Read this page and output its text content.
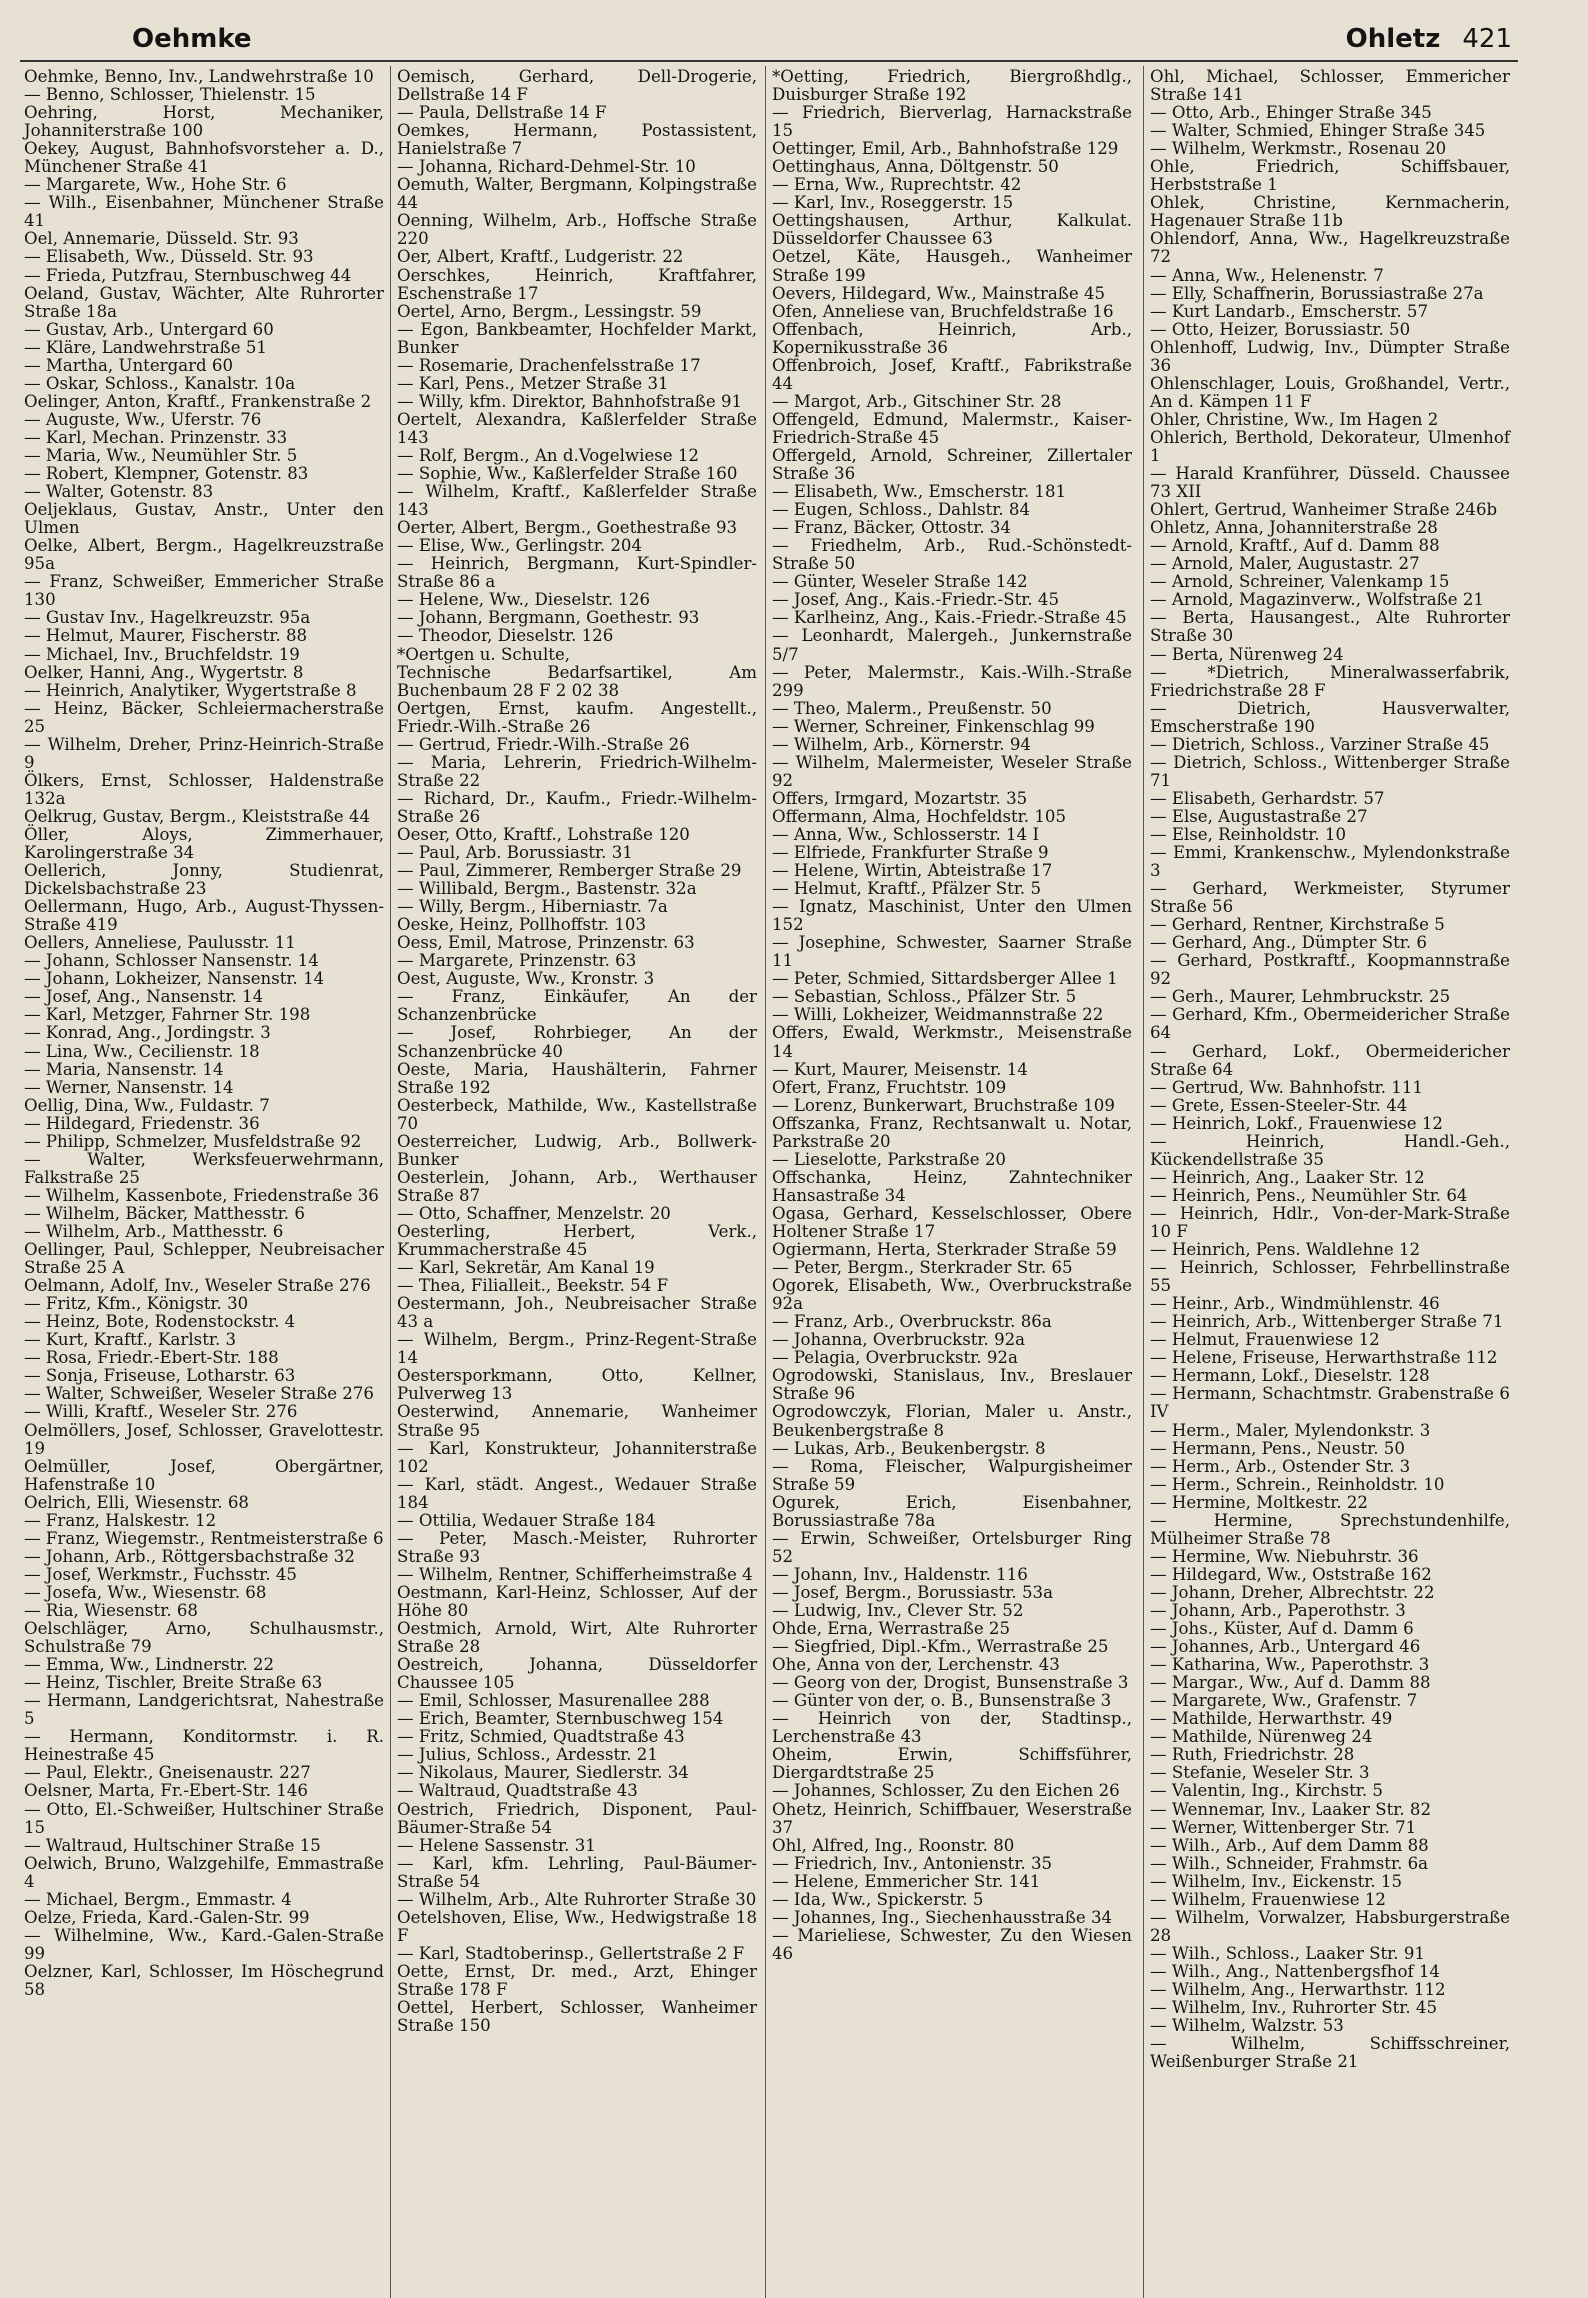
Oehmke	Ohletz 421
Oehmke, Benno, Inv., Landwehrstraße 10
— Benno, Schlosser, Thielenstr. 15
Oehring, Horst, Mechaniker, Johanniterstraße 100
Oekey, August, Bahnhofsvorsteher a. D., Münchener Straße 41
— Margarete, Ww., Hohe Str. 6
— Wilh., Eisenbahner, Münchener Straße 41
Oel, Annemarie, Düsseld. Str. 93
— Elisabeth, Ww., Düsseld. Str. 93
— Frieda, Putzfrau, Sternbuschweg 44
Oeland, Gustav, Wächter, Alte Ruhrorter Straße 18a
— Gustav, Arb., Untergard 60
— Kläre, Landwehrstraße 51
— Martha, Untergard 60
— Oskar, Schloss., Kanalstr. 10a
Oelinger, Anton, Kraftf., Frankenstraße 2
— Auguste, Ww., Uferstr. 76
— Karl, Mechan. Prinzenstr. 33
— Maria, Ww., Neumühler Str. 5
— Robert, Klempner, Gotenstr. 83
— Walter, Gotenstr. 83
Oeljeklaus, Gustav, Anstr., Unter den Ulmen
Oelke, Albert, Bergm., Hagelkreuzstraße 95a
— Franz, Schweißer, Emmericher Straße 130
— Gustav Inv., Hagelkreuzstr. 95a
— Helmut, Maurer, Fischerstr. 88
— Michael, Inv., Bruchfeldstr. 19
Oelker, Hanni, Ang., Wygertstr. 8
— Heinrich, Analytiker, Wygertstraße 8
— Heinz, Bäcker, Schleiermacherstraße 25
— Wilhelm, Dreher, Prinz-Heinrich-Straße 9
Ölkers, Ernst, Schlosser, Haldenstraße 132a
Oelkrug, Gustav, Bergm., Kleiststraße 44
Öller, Aloys, Zimmerhauer, Karolingerstraße 34
Oellerich, Jonny, Studienrat, Dickelsbachstraße 23
Oellermann, Hugo, Arb., August-Thyssen-Straße 419
Oellers, Anneliese, Paulusstr. 11
— Johann, Schlosser Nansenstr. 14
— Johann, Lokheizer, Nansenstr. 14
— Josef, Ang., Nansenstr. 14
— Karl, Metzger, Fahrner Str. 198
— Konrad, Ang., Jordingstr. 3
— Lina, Ww., Cecilienstr. 18
— Maria, Nansenstr. 14
— Werner, Nansenstr. 14
Oellig, Dina, Ww., Fuldastr. 7
— Hildegard, Friedenstr. 36
— Philipp, Schmelzer, Musfeldstraße 92
— Walter, Werksfeuerwehrmann, Falkstraße 25
— Wilhelm, Kassenbote, Friedenstraße 36
— Wilhelm, Bäcker, Matthesstr. 6
— Wilhelm, Arb., Matthesstr. 6
Oellinger, Paul, Schlepper, Neubreisacher Straße 25 A
Oelmann, Adolf, Inv., Weseler Straße 276
— Fritz, Kfm., Königstr. 30
— Heinz, Bote, Rodenstockstr. 4
— Kurt, Kraftf., Karlstr. 3
— Rosa, Friedr.-Ebert-Str. 188
— Sonja, Friseuse, Lotharstr. 63
— Walter, Schweißer, Weseler Straße 276
— Willi, Kraftf., Weseler Str. 276
Oelmöllers, Josef, Schlosser, Gravelottestr. 19
Oelmüller, Josef, Obergärtner, Hafenstraße 10
Oelrich, Elli, Wiesenstr. 68
— Franz, Halskestr. 12
— Franz, Wiegemstr., Rentmeisterstraße 6
— Johann, Arb., Röttgersbachstraße 32
— Josef, Werkmstr., Fuchsstr. 45
— Josefa, Ww., Wiesenstr. 68
— Ria, Wiesenstr. 68
Oelschläger, Arno, Schulhausmstr., Schulstraße 79
— Emma, Ww., Lindnerstr. 22
— Heinz, Tischler, Breite Straße 63
— Hermann, Landgerichtsrat, Nahestraße 5
— Hermann, Konditormstr. i. R. Heinestraße 45
— Paul, Elektr., Gneisenaustr. 227
Oelsner, Marta, Fr.-Ebert-Str. 146
— Otto, El.-Schweißer, Hultschiner Straße 15
— Waltraud, Hultschiner Straße 15
Oelwich, Bruno, Walzgehilfe, Emmastraße 4
— Michael, Bergm., Emmastr. 4
Oelze, Frieda, Kard.-Galen-Str. 99
— Wilhelmine, Ww., Kard.-Galen-Straße 99
Oelzner, Karl, Schlosser, Im Höschegrund 58
Oemisch, Gerhard, Dell-Drogerie, Dellstraße 14 F
— Paula, Dellstraße 14 F
Oemkes, Hermann, Postassistent, Hanielstraße 7
— Johanna, Richard-Dehmel-Str. 10
Oemuth, Walter, Bergmann, Kolpingstraße 44
Oenning, Wilhelm, Arb., Hoffsche Straße 220
Oer, Albert, Kraftf., Ludgeristr. 22
Oerschkes, Heinrich, Kraftfahrer, Eschenstraße 17
Oertel, Arno, Bergm., Lessingstr. 59
— Egon, Bankbeamter, Hochfelder Markt, Bunker
— Rosemarie, Drachenfelsstraße 17
— Karl, Pens., Metzer Straße 31
— Willy, kfm. Direktor, Bahnhofstraße 91
Oertelt, Alexandra, Kaßlerfelder Straße 143
— Rolf, Bergm., An d.Vogelwiese 12
— Sophie, Ww., Kaßlerfelder Straße 160
— Wilhelm, Kraftf., Kaßlerfelder Straße 143
Oerter, Albert, Bergm., Goethestraße 93
— Elise, Ww., Gerlingstr. 204
— Heinrich, Bergmann, Kurt-Spindler-Straße 86 a
— Helene, Ww., Dieselstr. 126
— Johann, Bergmann, Goethestr. 93
— Theodor, Dieselstr. 126
*Oertgen u. Schulte,
Technische Bedarfsartikel, Am Buchenbaum 28 F 2 02 38
Oertgen, Ernst, kaufm. Angestellt., Friedr.-Wilh.-Straße 26
— Gertrud, Friedr.-Wilh.-Straße 26
— Maria, Lehrerin, Friedrich-Wilhelm-Straße 22
— Richard, Dr., Kaufm., Friedr.-Wilhelm-Straße 26
Oeser, Otto, Kraftf., Lohstraße 120
— Paul, Arb. Borussiastr. 31
— Paul, Zimmerer, Remberger Straße 29
— Willibald, Bergm., Bastenstr. 32a
— Willy, Bergm., Hiberniastr. 7a
Oeske, Heinz, Pollhoffstr. 103
Oess, Emil, Matrose, Prinzenstr. 63
— Margarete, Prinzenstr. 63
Oest, Auguste, Ww., Kronstr. 3
— Franz, Einkäufer, An der Schanzenbrücke
— Josef, Rohrbieger, An der Schanzenbrücke 40
Oeste, Maria, Haushälterin, Fahrner Straße 192
Oesterbeck, Mathilde, Ww., Kastellstraße 70
Oesterreicher, Ludwig, Arb., Bollwerk-Bunker
Oesterlein, Johann, Arb., Werthauser Straße 87
— Otto, Schaffner, Menzelstr. 20
Oesterling, Herbert, Verk., Krummacherstraße 45
— Karl, Sekretär, Am Kanal 19
— Thea, Filialleit., Beekstr. 54 F
Oestermann, Joh., Neubreisacher Straße 43 a
— Wilhelm, Bergm., Prinz-Regent-Straße 14
Oestersporkmann, Otto, Kellner, Pulverweg 13
Oesterwind, Annemarie, Wanheimer Straße 95
— Karl, Konstrukteur, Johanniterstraße 102
— Karl, städt. Angest., Wedauer Straße 184
— Ottilia, Wedauer Straße 184
— Peter, Masch.-Meister, Ruhrorter Straße 93
— Wilhelm, Rentner, Schifferheimstraße 4
Oestmann, Karl-Heinz, Schlosser, Auf der Höhe 80
Oestmich, Arnold, Wirt, Alte Ruhrorter Straße 28
Oestreich, Johanna, Düsseldorfer Chaussee 105
— Emil, Schlosser, Masurenallee 288
— Erich, Beamter, Sternbuschweg 154
— Fritz, Schmied, Quadtstraße 43
— Julius, Schloss., Ardesstr. 21
— Nikolaus, Maurer, Siedlerstr. 34
— Waltraud, Quadtstraße 43
Oestrich, Friedrich, Disponent, Paul-Bäumer-Straße 54
— Helene Sassenstr. 31
— Karl, kfm. Lehrling, Paul-Bäumer-Straße 54
— Wilhelm, Arb., Alte Ruhrorter Straße 30
Oetelshoven, Elise, Ww., Hedwigstraße 18 F
— Karl, Stadtoberinsp., Gellertstraße 2 F
Oette, Ernst, Dr. med., Arzt, Ehinger Straße 178 F
Oettel, Herbert, Schlosser, Wanheimer Straße 150
*Oetting, Friedrich, Biergroßhdlg., Duisburger Straße 192
— Friedrich, Bierverlag, Harnackstraße 15
Oettinger, Emil, Arb., Bahnhofstraße 129
Oettinghaus, Anna, Döltgenstr. 50
— Erna, Ww., Ruprechtstr. 42
— Karl, Inv., Roseggerstr. 15
Oettingshausen, Arthur, Kalkulat. Düsseldorfer Chaussee 63
Oetzel, Käte, Hausgeh., Wanheimer Straße 199
Oevers, Hildegard, Ww., Mainstraße 45
Ofen, Anneliese van, Bruchfeldstraße 16
Offenbach, Heinrich, Arb., Kopernikusstraße 36
Offenbroich, Josef, Kraftf., Fabrikstraße 44
— Margot, Arb., Gitschiner Str. 28
Offengeld, Edmund, Malermstr., Kaiser-Friedrich-Straße 45
Offergeld, Arnold, Schreiner, Zillertaler Straße 36
— Elisabeth, Ww., Emscherstr. 181
— Eugen, Schloss., Dahlstr. 84
— Franz, Bäcker, Ottostr. 34
— Friedhelm, Arb., Rud.-Schönstedt-Straße 50
— Günter, Weseler Straße 142
— Josef, Ang., Kais.-Friedr.-Str. 45
— Karlheinz, Ang., Kais.-Friedr.-Straße 45
— Leonhardt, Malergeh., Junkernstraße 5/7
— Peter, Malermstr., Kais.-Wilh.-Straße 299
— Theo, Malerm., Preußenstr. 50
— Werner, Schreiner, Finkenschlag 99
— Wilhelm, Arb., Körnerstr. 94
— Wilhelm, Malermeister, Weseler Straße 92
Offers, Irmgard, Mozartstr. 35
Offermann, Alma, Hochfeldstr. 105
— Anna, Ww., Schlosserstr. 14 I
— Elfriede, Frankfurter Straße 9
— Helene, Wirtin, Abteistraße 17
— Helmut, Kraftf., Pfälzer Str. 5
— Ignatz, Maschinist, Unter den Ulmen 152
— Josephine, Schwester, Saarner Straße 11
— Peter, Schmied, Sittardsberger Allee 1
— Sebastian, Schloss., Pfälzer Str. 5
— Willi, Lokheizer, Weidmannstraße 22
Offers, Ewald, Werkmstr., Meisenstraße 14
— Kurt, Maurer, Meisenstr. 14
Ofert, Franz, Fruchtstr. 109
— Lorenz, Bunkerwart, Bruchstraße 109
Offszanka, Franz, Rechtsanwalt u. Notar, Parkstraße 20
— Lieselotte, Parkstraße 20
Offschanka, Heinz, Zahntechniker Hansastraße 34
Ogasa, Gerhard, Kesselschlosser, Obere Holtener Straße 17
Ogiermann, Herta, Sterkrader Straße 59
— Peter, Bergm., Sterkrader Str. 65
Ogorek, Elisabeth, Ww., Overbruckstraße 92a
— Franz, Arb., Overbruckstr. 86a
— Johanna, Overbruckstr. 92a
— Pelagia, Overbruckstr. 92a
Ogrodowski, Stanislaus, Inv., Breslauer Straße 96
Ogrodowczyk, Florian, Maler u. Anstr., Beukenbergstraße 8
— Lukas, Arb., Beukenbergstr. 8
— Roma, Fleischer, Walpurgisheimer Straße 59
Ogurek, Erich, Eisenbahner, Borussiastraße 78a
— Erwin, Schweißer, Ortelsburger Ring 52
— Johann, Inv., Haldenstr. 116
— Josef, Bergm., Borussiastr. 53a
— Ludwig, Inv., Clever Str. 52
Ohde, Erna, Werrastraße 25
— Siegfried, Dipl.-Kfm., Werrastraße 25
Ohe, Anna von der, Lerchenstr. 43
— Georg von der, Drogist, Bunsenstraße 3
— Günter von der, o. B., Bunsenstraße 3
— Heinrich von der, Stadtinsp., Lerchenstraße 43
Oheim, Erwin, Schiffsführer, Diergardtstraße 25
— Johannes, Schlosser, Zu den Eichen 26
Ohetz, Heinrich, Schiffbauer, Weserstraße 37
Ohl, Alfred, Ing., Roonstr. 80
— Friedrich, Inv., Antonienstr. 35
— Helene, Emmericher Str. 141
— Ida, Ww., Spickerstr. 5
— Johannes, Ing., Siechenhausstraße 34
— Marieliese, Schwester, Zu den Wiesen 46
Ohl, Michael, Schlosser, Emmericher Straße 141
— Otto, Arb., Ehinger Straße 345
— Walter, Schmied, Ehinger Straße 345
— Wilhelm, Werkmstr., Rosenau 20
Ohle, Friedrich, Schiffsbauer, Herbststraße 1
Ohlek, Christine, Kernmacherin, Hagenauer Straße 11b
Ohlendorf, Anna, Ww., Hagelkreuzstraße 72
— Anna, Ww., Helenenstr. 7
— Elly, Schaffnerin, Borussiastraße 27a
— Kurt Landarb., Emscherstr. 57
— Otto, Heizer, Borussiastr. 50
Ohlenhoff, Ludwig, Inv., Dümpter Straße 36
Ohlenschlager, Louis, Großhandel, Vertr., An d. Kämpen 11 F
Ohler, Christine, Ww., Im Hagen 2
Ohlerich, Berthold, Dekorateur, Ulmenhof 1
— Harald Kranführer, Düsseld. Chaussee 73 XII
Ohlert, Gertrud, Wanheimer Straße 246b
Ohletz, Anna, Johanniterstraße 28
— Arnold, Kraftf., Auf d. Damm 88
— Arnold, Maler, Augustastr. 27
— Arnold, Schreiner, Valenkamp 15
— Arnold, Magazinverw., Wolfstraße 21
— Berta, Hausangest., Alte Ruhrorter Straße 30
— Berta, Nürenweg 24
— *Dietrich, Mineralwasserfabrik, Friedrichstraße 28 F
— Dietrich, Hausverwalter, Emscherstraße 190
— Dietrich, Schloss., Varziner Straße 45
— Dietrich, Schloss., Wittenberger Straße 71
— Elisabeth, Gerhardstr. 57
— Else, Augustastraße 27
— Else, Reinholdstr. 10
— Emmi, Krankenschw., Mylendonkstraße 3
— Gerhard, Werkmeister, Styrumer Straße 56
— Gerhard, Rentner, Kirchstraße 5
— Gerhard, Ang., Dümpter Str. 6
— Gerhard, Postkraftf., Koopmannstraße 92
— Gerh., Maurer, Lehmbruckstr. 25
— Gerhard, Kfm., Obermeidericher Straße 64
— Gerhard, Lokf., Obermeidericher Straße 64
— Gertrud, Ww. Bahnhofstr. 111
— Grete, Essen-Steeler-Str. 44
— Heinrich, Lokf., Frauenwiese 12
— Heinrich, Handl.-Geh., Kückendellstraße 35
— Heinrich, Ang., Laaker Str. 12
— Heinrich, Pens., Neumühler Str. 64
— Heinrich, Hdlr., Von-der-Mark-Straße 10 F
— Heinrich, Pens. Waldlehne 12
— Heinrich, Schlosser, Fehrbellinstraße 55
— Heinr., Arb., Windmühlenstr. 46
— Heinrich, Arb., Wittenberger Straße 71
— Helmut, Frauenwiese 12
— Helene, Friseuse, Herwarthstraße 112
— Hermann, Lokf., Dieselstr. 128
— Hermann, Schachtmstr. Grabenstraße 6 IV
— Herm., Maler, Mylendonkstr. 3
— Hermann, Pens., Neustr. 50
— Herm., Arb., Ostender Str. 3
— Herm., Schrein., Reinholdstr. 10
— Hermine, Moltkestr. 22
— Hermine, Sprechstundenhilfe, Mülheimer Straße 78
— Hermine, Ww. Niebuhrstr. 36
— Hildegard, Ww., Oststraße 162
— Johann, Dreher, Albrechtstr. 22
— Johann, Arb., Paperothstr. 3
— Johs., Küster, Auf d. Damm 6
— Johannes, Arb., Untergard 46
— Katharina, Ww., Paperothstr. 3
— Margar., Ww., Auf d. Damm 88
— Margarete, Ww., Grafenstr. 7
— Mathilde, Herwarthstr. 49
— Mathilde, Nürenweg 24
— Ruth, Friedrichstr. 28
— Stefanie, Weseler Str. 3
— Valentin, Ing., Kirchstr. 5
— Wennemar, Inv., Laaker Str. 82
— Werner, Wittenberger Str. 71
— Wilh., Arb., Auf dem Damm 88
— Wilh., Schneider, Frahmstr. 6a
— Wilhelm, Inv., Eickenstr. 15
— Wilhelm, Frauenwiese 12
— Wilhelm, Vorwalzer, Habsburgerstraße 28
— Wilh., Schloss., Laaker Str. 91
— Wilh., Ang., Nattenbergsfhof 14
— Wilhelm, Ang., Herwarthstr. 112
— Wilhelm, Inv., Ruhrorter Str. 45
— Wilhelm, Walzstr. 53
— Wilhelm, Schiffsschreiner, Weißenburger Straße 21
